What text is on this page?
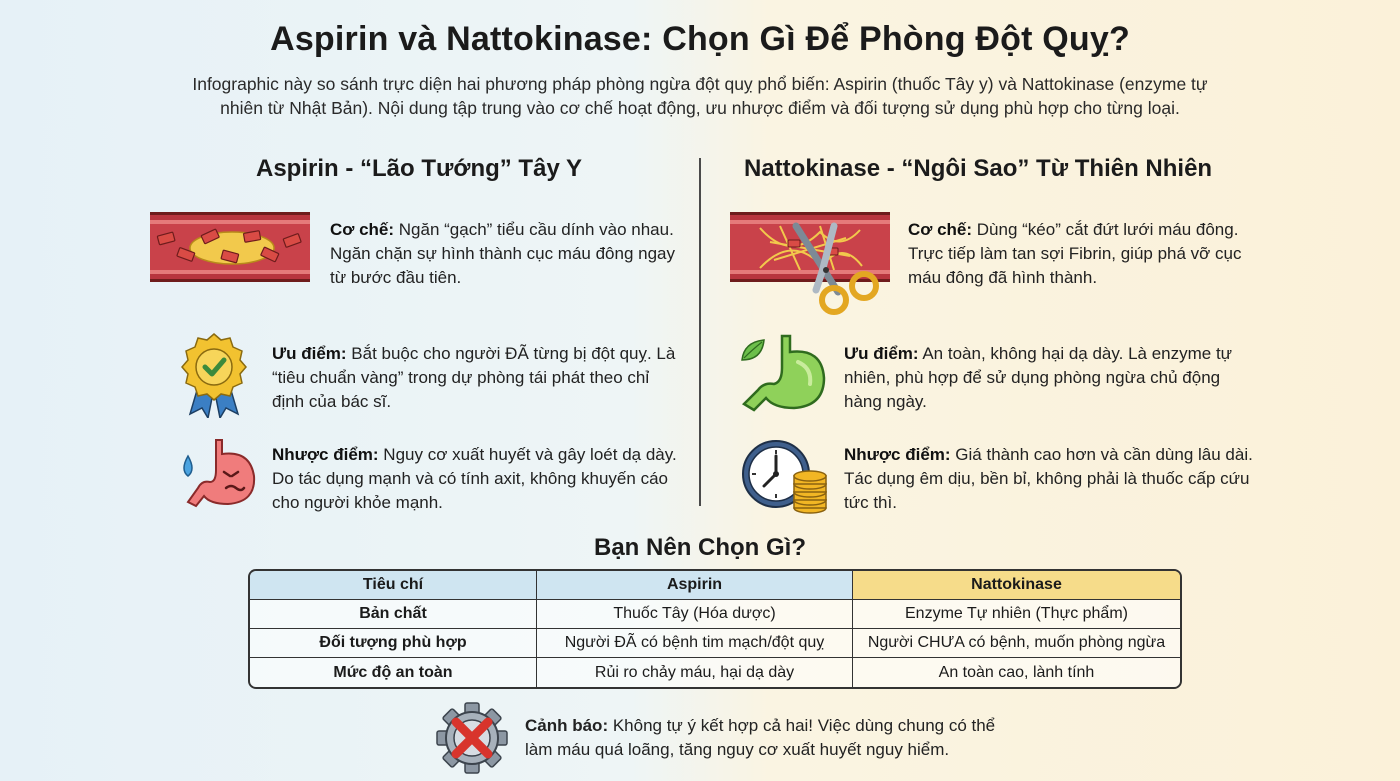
Aspirin và Nattokinase: Chọn Gì Để Phòng Đột Quỵ?

Infographic này so sánh trực diện hai phương pháp phòng ngừa đột quỵ phổ biến: Aspirin (thuốc Tây y) và Nattokinase (enzyme tự nhiên từ Nhật Bản). Nội dung tập trung vào cơ chế hoạt động, ưu nhược điểm và đối tượng sử dụng phù hợp cho từng loại.

Aspirin - “Lão Tướng” Tây Y
Cơ chế: Ngăn “gạch” tiểu cầu dính vào nhau. Ngăn chặn sự hình thành cục máu đông ngay từ bước đầu tiên.
Ưu điểm: Bắt buộc cho người ĐÃ từng bị đột quỵ. Là “tiêu chuẩn vàng” trong dự phòng tái phát theo chỉ định của bác sĩ.
Nhược điểm: Nguy cơ xuất huyết và gây loét dạ dày. Do tác dụng mạnh và có tính axit, không khuyến cáo cho người khỏe mạnh.
Nattokinase - “Ngôi Sao” Từ Thiên Nhiên
Cơ chế: Dùng “kéo” cắt đứt lưới máu đông. Trực tiếp làm tan sợi Fibrin, giúp phá vỡ cục máu đông đã hình thành.
Ưu điểm: An toàn, không hại dạ dày. Là enzyme tự nhiên, phù hợp để sử dụng phòng ngừa chủ động hàng ngày.
Nhược điểm: Giá thành cao hơn và cần dùng lâu dài. Tác dụng êm dịu, bền bỉ, không phải là thuốc cấp cứu tức thì.
Bạn Nên Chọn Gì?
Tiêu chí	Aspirin	Nattokinase
Bản chất	Thuốc Tây (Hóa dược)	Enzyme Tự nhiên (Thực phẩm)
Đối tượng phù hợp	Người ĐÃ có bệnh tim mạch/đột quỵ	Người CHƯA có bệnh, muốn phòng ngừa
Mức độ an toàn	Rủi ro chảy máu, hại dạ dày	An toàn cao, lành tính
Cảnh báo: Không tự ý kết hợp cả hai! Việc dùng chung có thể làm máu quá loãng, tăng nguy cơ xuất huyết nguy hiểm.
